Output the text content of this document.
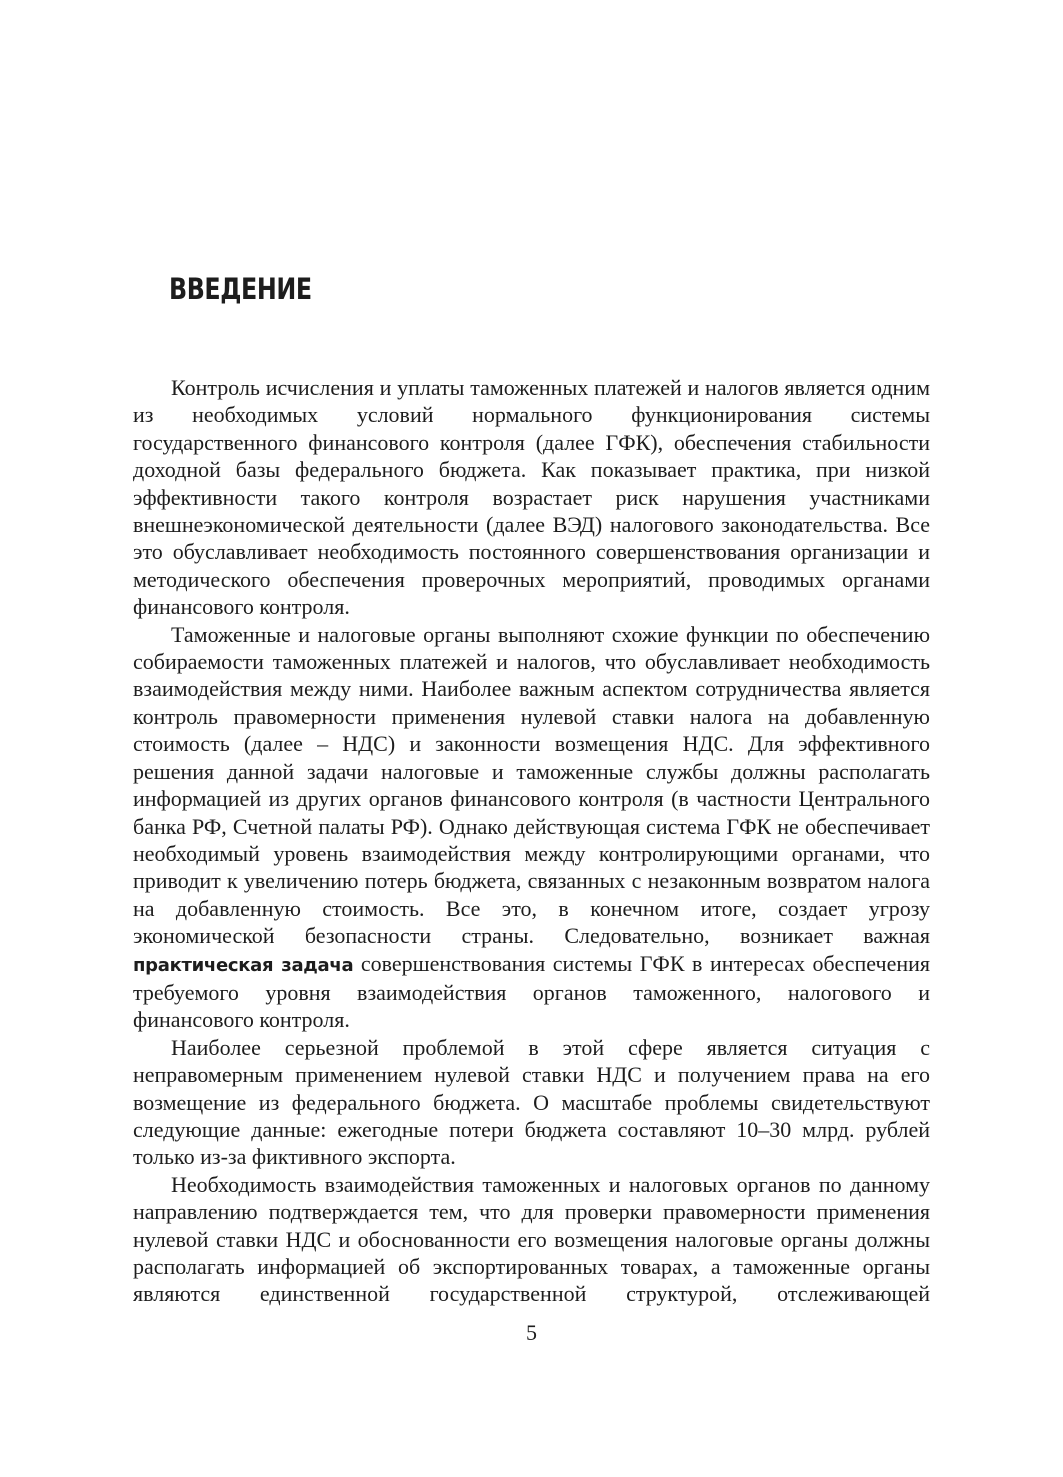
ВВЕДЕНИЕ

Контроль исчисления и уплаты таможенных платежей и налогов является одним из необходимых условий нормального функционирования системы государственного финансового контроля (далее ГФК), обеспечения стабильности доходной базы федерального бюджета. Как показывает практика, при низкой эффективности такого контроля возрастает риск нарушения участниками внешнеэкономической деятельности (далее ВЭД) налогового законодательства. Все это обуславливает необходимость постоянного совершенствования организации и методического обеспечения проверочных мероприятий, проводимых органами финансового контроля.

Таможенные и налоговые органы выполняют схожие функции по обеспечению собираемости таможенных платежей и налогов, что обуславливает необходимость взаимодействия между ними. Наиболее важным аспектом сотрудничества является контроль правомерности применения нулевой ставки налога на добавленную стоимость (далее – НДС) и законности возмещения НДС. Для эффективного решения данной задачи налоговые и таможенные службы должны располагать информацией из других органов финансового контроля (в частности Центрального банка РФ, Счетной палаты РФ). Однако действующая система ГФК не обеспечивает необходимый уровень взаимодействия между контролирующими органами, что приводит к увеличению потерь бюджета, связанных с незаконным возвратом налога на добавленную стоимость. Все это, в конечном итоге, создает угрозу экономической безопасности страны. Следовательно, возникает важная практическая задача совершенствования системы ГФК в интересах обеспечения требуемого уровня взаимодействия органов таможенного, налогового и финансового контроля.

Наиболее серьезной проблемой в этой сфере является ситуация с неправомерным применением нулевой ставки НДС и получением права на его возмещение из федерального бюджета. О масштабе проблемы свидетельствуют следующие данные: ежегодные потери бюджета составляют 10–30 млрд. рублей только из-за фиктивного экспорта.

Необходимость взаимодействия таможенных и налоговых органов по данному направлению подтверждается тем, что для проверки правомерности применения нулевой ставки НДС и обоснованности его возмещения налоговые органы должны располагать информацией об экспортированных товарах, а таможенные органы являются единственной государственной структурой, отслеживающей

5
